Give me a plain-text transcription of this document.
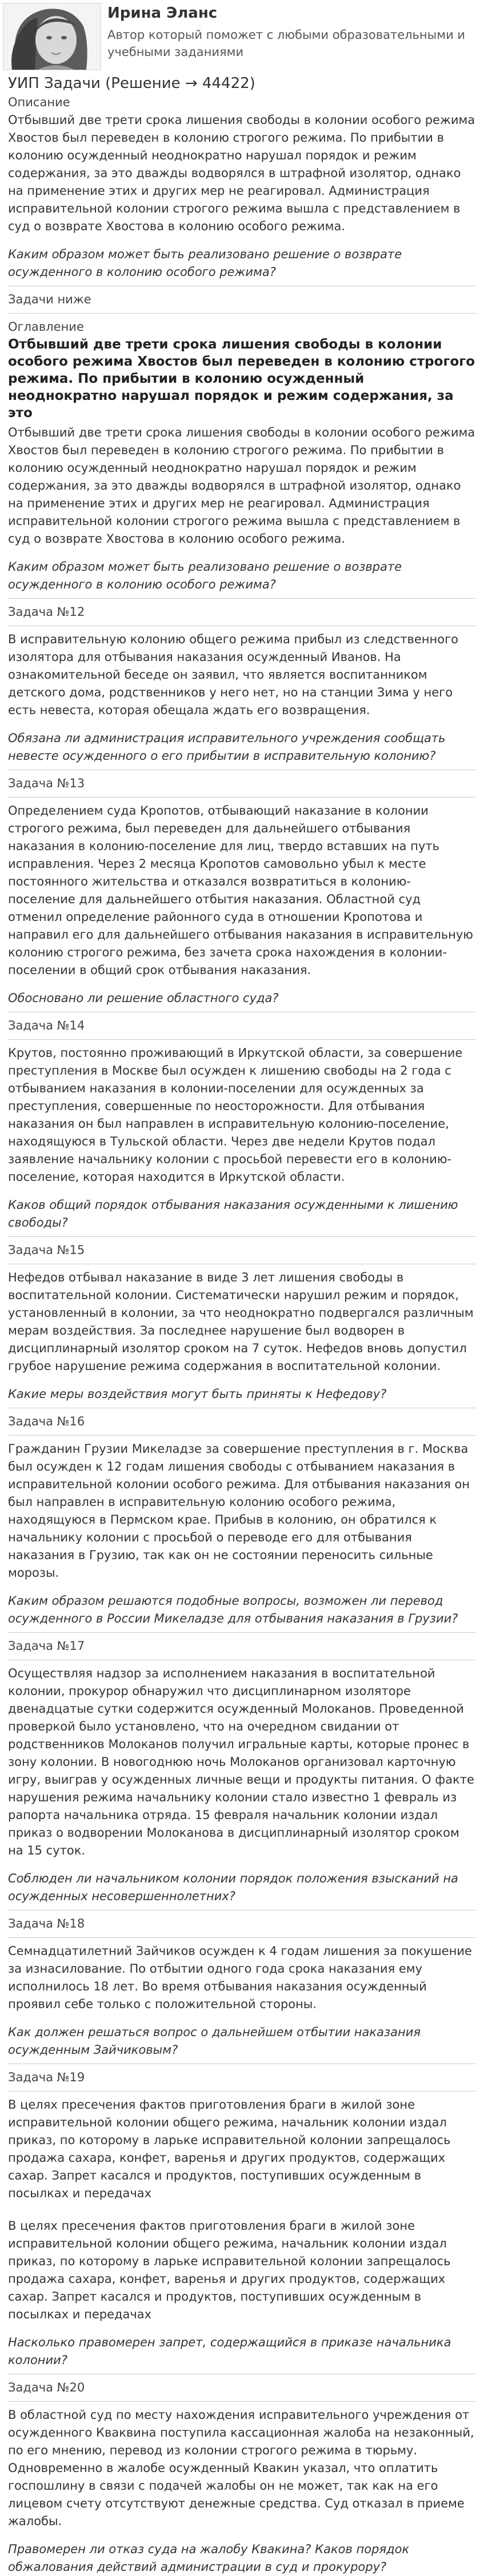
Ирина Эланс
Автор который поможет с любыми образовательными и учебными заданиями
УИП Задачи (Решение → 44422)
Описание

Отбывший две трети срока лишения свободы в колонии особого режима Хвостов был переведен в колонию строгого режима. По прибытии в колонию осужденный неоднократно нарушал порядок и режим содержания, за это дважды водворялся в штрафной изолятор, однако на применение этих и других мер не реагировал. Администрация исправительной колонии строгого режима вышла с представлением в суд о возврате Хвостова в колонию особого режима.

Каким образом может быть реализовано решение о возврате осужденного в колонию особого режима?

Задачи ниже
Оглавление

Отбывший две трети срока лишения свободы в колонии особого режима Хвостов был переведен в колонию строгого режима. По прибытии в колонию осужденный неоднократно нарушал порядок и режим содержания, за это

Отбывший две трети срока лишения свободы в колонии особого режима Хвостов был переведен в колонию строгого режима. По прибытии в колонию осужденный неоднократно нарушал порядок и режим содержания, за это дважды водворялся в штрафной изолятор, однако на применение этих и других мер не реагировал. Администрация исправительной колонии строгого режима вышла с представлением в суд о возврате Хвостова в колонию особого режима.

Каким образом может быть реализовано решение о возврате осужденного в колонию особого режима?

Задача №12

В исправительную колонию общего режима прибыл из следственного изолятора для отбывания наказания осужденный Иванов. На ознакомительной беседе он заявил, что является воспитанником детского дома, родственников у него нет, но на станции Зима у него есть невеста, которая обещала ждать его возвращения.

Обязана ли администрация исправительного учреждения сообщать невесте осужденного о его прибытии в исправительную колонию?

Задача №13

Определением суда Кропотов, отбывающий наказание в колонии строгого режима, был переведен для дальнейшего отбывания наказания в колонию-поселение для лиц, твердо вставших на путь исправления. Через 2 месяца Кропотов самовольно убыл к месте постоянного жительства и отказался возвратиться в колонию-поселение для дальнейшего отбытия наказания. Областной суд отменил определение районного суда в отношении Кропотова и направил его для дальнейшего отбывания наказания в исправительную колонию строгого режима, без зачета срока нахождения в колонии-поселении в общий срок отбывания наказания.

Обосновано ли решение областного суда?

Задача №14

Крутов, постоянно проживающий в Иркутской области, за совершение преступления в Москве был осужден к лишению свободы на 2 года с отбыванием наказания в колонии-поселении для осужденных за преступления, совершенные по неосторожности. Для отбывания наказания он был направлен в исправительную колонию-поселение, находящуюся в Тульской области. Через две недели Крутов подал заявление начальнику колонии с просьбой перевести его в колонию-поселение, которая находится в Иркутской области.

Каков общий порядок отбывания наказания осужденными к лишению свободы?

Задача №15

Нефедов отбывал наказание в виде 3 лет лишения свободы в воспитательной колонии. Систематически нарушил режим и порядок, установленный в колонии, за что неоднократно подвергался различным мерам воздействия. За последнее нарушение был водворен в дисциплинарный изолятор сроком на 7 суток. Нефедов вновь допустил грубое нарушение режима содержания в воспитательной колонии.

Какие меры воздействия могут быть приняты к Нефедову?

Задача №16

Гражданин Грузии Микеладзе за совершение преступления в г. Москва был осужден к 12 годам лишения свободы с отбыванием наказания в исправительной колонии особого режима. Для отбывания наказания он был направлен в исправительную колонию особого режима, находящуюся в Пермском крае. Прибыв в колонию, он обратился к начальнику колонии с просьбой о переводе его для отбывания наказания в Грузию, так как он не состоянии переносить сильные морозы.

Каким образом решаются подобные вопросы, возможен ли перевод осужденного в России Микеладзе для отбывания наказания в Грузии?

Задача №17

Осуществляя надзор за исполнением наказания в воспитательной колонии, прокурор обнаружил что дисциплинарном изоляторе двенадцатые сутки содержится осужденный Молоканов. Проведенной проверкой было установлено, что на очередном свидании от родственников Молоканов получил игральные карты, которые пронес в зону колонии. В новогоднюю ночь Молоканов организовал карточную игру, выиграв у осужденных личные вещи и продукты питания. О факте нарушения режима начальнику колонии стало известно 1 февраль из рапорта начальника отряда. 15 февраля начальник колонии издал приказ о водворении Молоканова в дисциплинарный изолятор сроком на 15 суток.

Соблюден ли начальником колонии порядок положения взысканий на осужденных несовершеннолетних?

Задача №18

Семнадцатилетний Зайчиков осужден к 4 годам лишения за покушение за изнасилование. По отбытии одного года срока наказания ему исполнилось 18 лет. Во время отбывания наказания осужденный проявил себе только с положительной стороны.

Как должен решаться вопрос о дальнейшем отбытии наказания осужденным Зайчиковым?

Задача №19

В целях пресечения фактов приготовления браги в жилой зоне исправительной колонии общего режима, начальник колонии издал приказ, по которому в ларьке исправительной колонии запрещалось продажа сахара, конфет, варенья и других продуктов, содержащих сахар. Запрет касался и продуктов, поступивших осужденным в посылках и передачах

В целях пресечения фактов приготовления браги в жилой зоне исправительной колонии общего режима, начальник колонии издал приказ, по которому в ларьке исправительной колонии запрещалось продажа сахара, конфет, варенья и других продуктов, содержащих сахар. Запрет касался и продуктов, поступивших осужденным в посылках и передачах

Насколько правомерен запрет, содержащийся в приказе начальника колонии?

Задача №20

В областной суд по месту нахождения исправительного учреждения от осужденного Кваквина поступила кассационная жалоба на незаконный, по его мнению, перевод из колонии строгого режима в тюрьму. Одновременно в жалобе осужденный Квакин указал, что оплатить госпошлину в связи с подачей жалобы он не может, так как на его лицевом счету отсутствуют денежные средства. Суд отказал в приеме жалобы.

Правомерен ли отказ суда на жалобу Квакина? Каков порядок обжалования действий администрации в суд и прокурору?
